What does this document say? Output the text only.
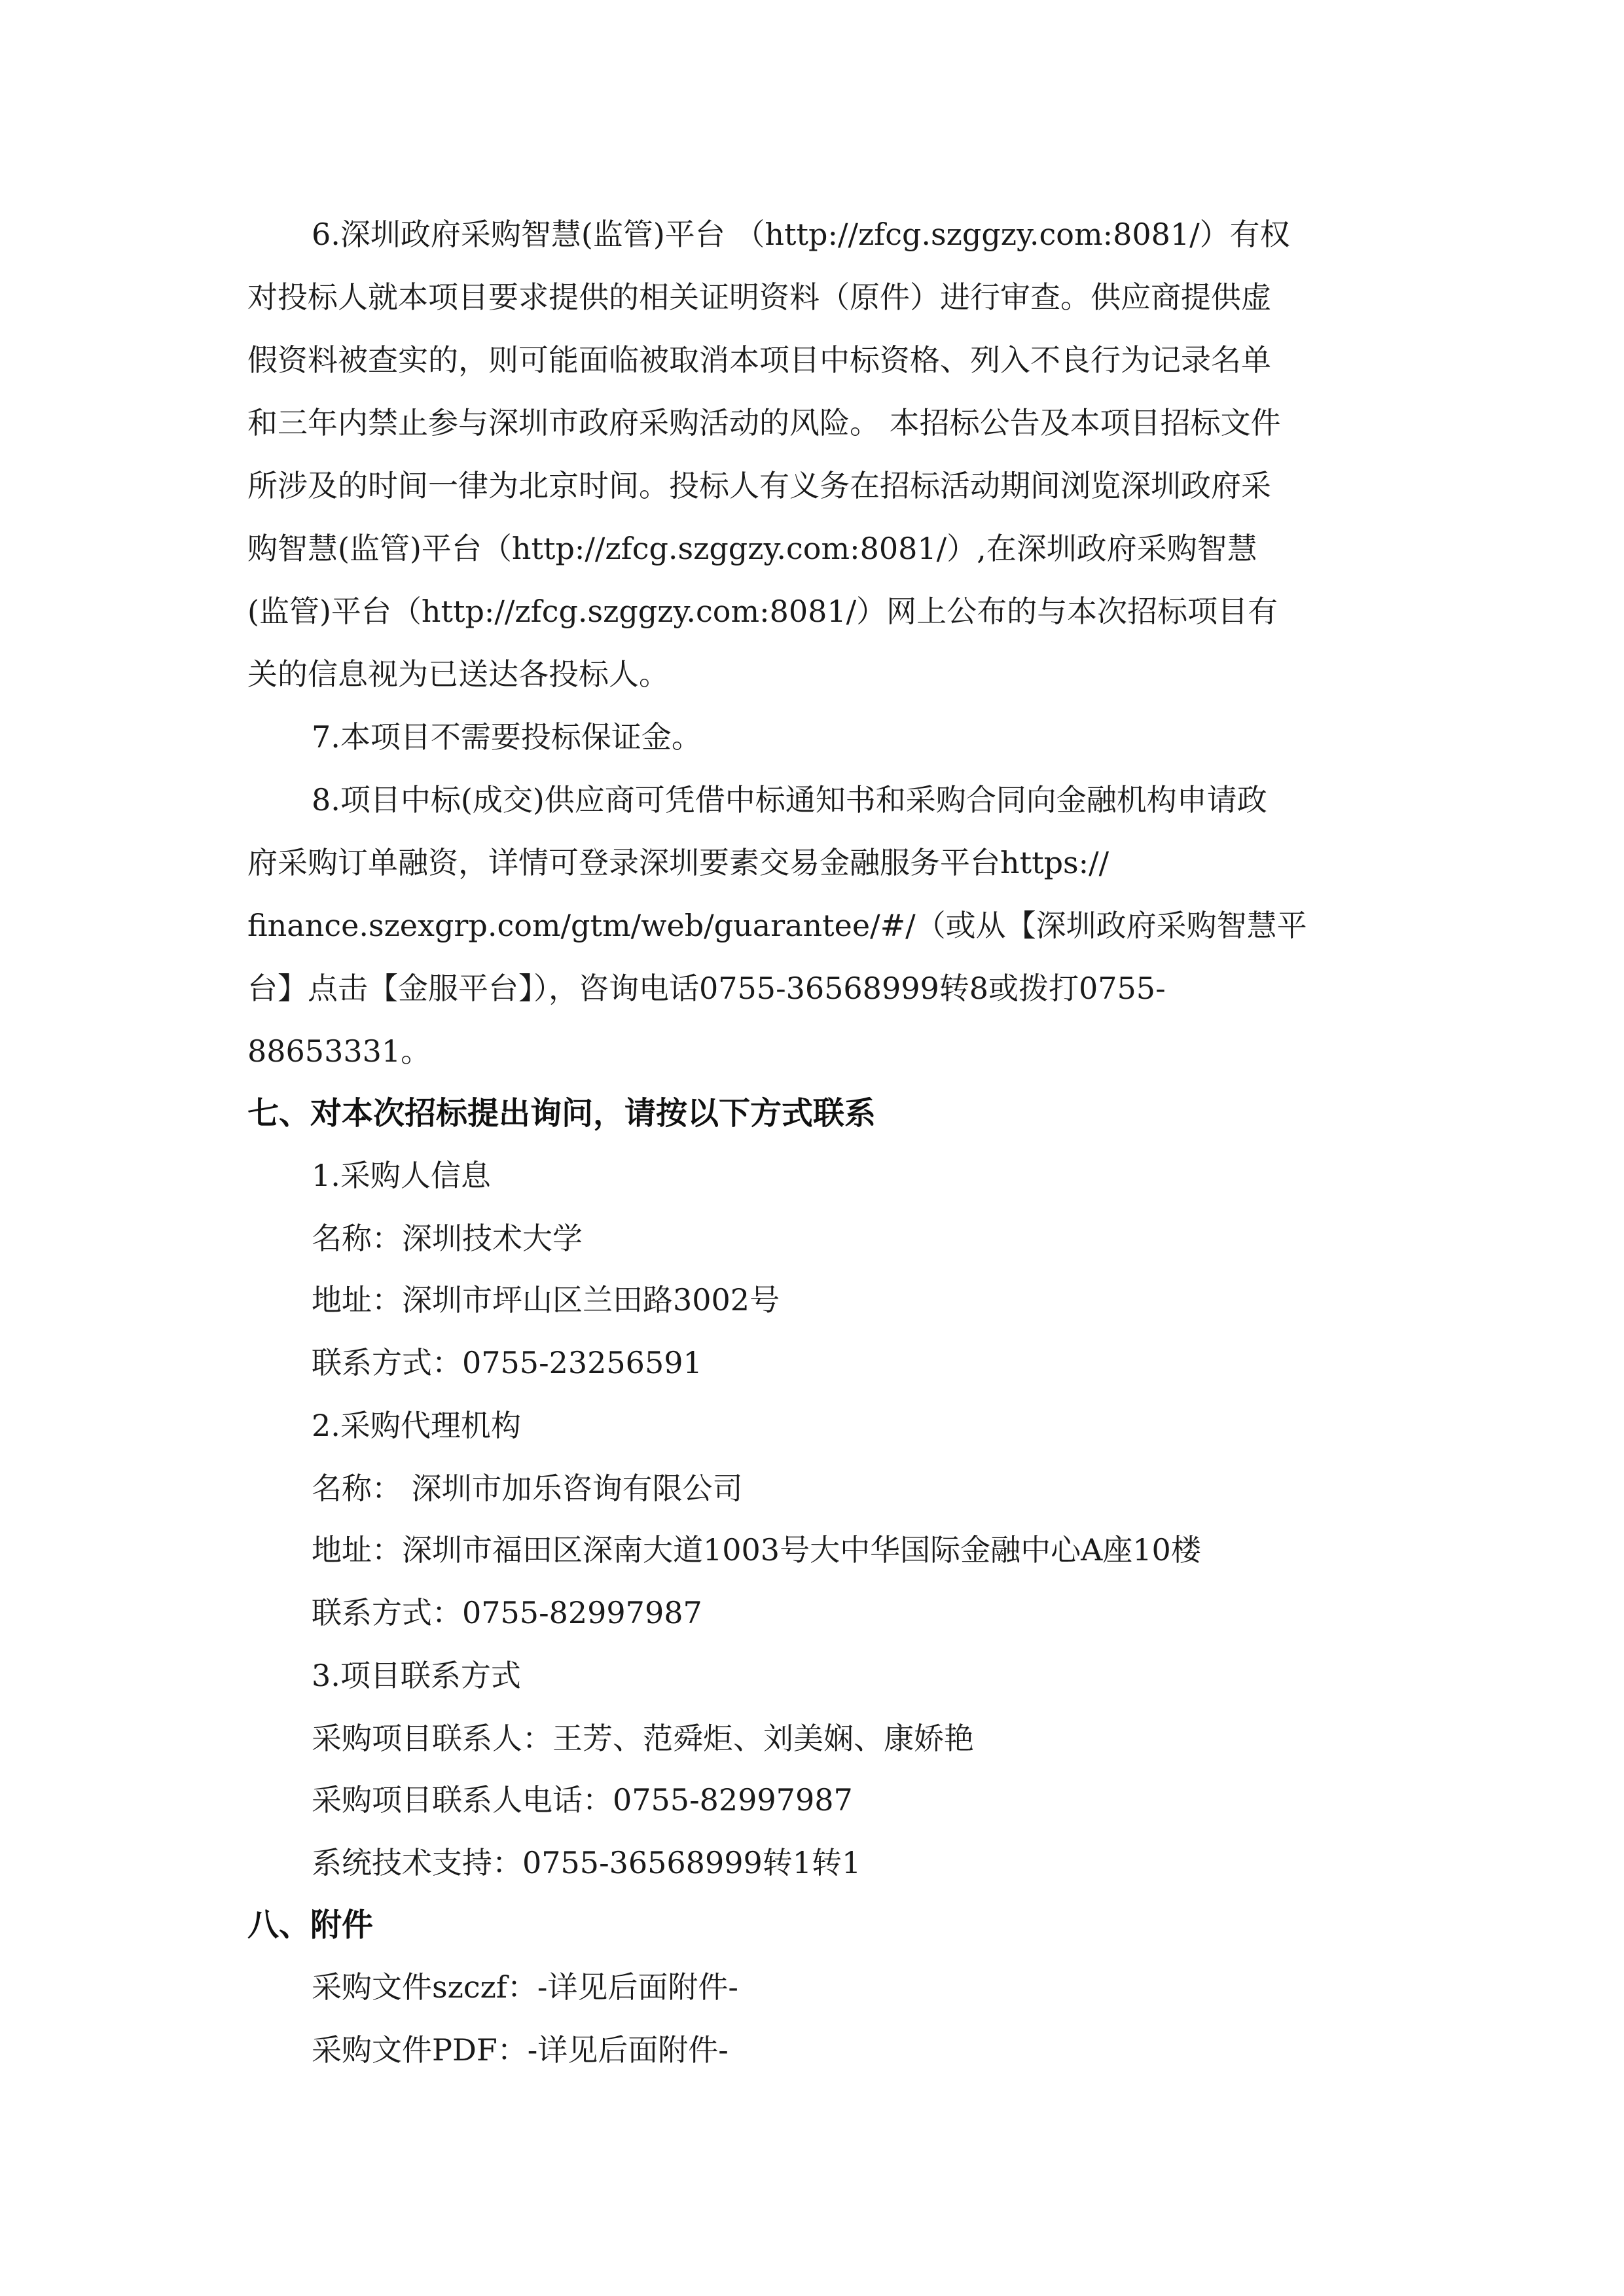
6.深圳政府采购智慧(监管)平台 （http://zfcg.szggzy.com:8081/）有权
对投标人就本项目要求提供的相关证明资料（原件）进行审查。供应商提供虚
假资料被查实的，则可能面临被取消本项目中标资格、列入不良行为记录名单
和三年内禁止参与深圳市政府采购活动的风险。 本招标公告及本项目招标文件
所涉及的时间一律为北京时间。投标人有义务在招标活动期间浏览深圳政府采
购智慧(监管)平台（http://zfcg.szggzy.com:8081/）,在深圳政府采购智慧
(监管)平台（http://zfcg.szggzy.com:8081/）网上公布的与本次招标项目有
关的信息视为已送达各投标人。
7.本项目不需要投标保证金。
8.项目中标(成交)供应商可凭借中标通知书和采购合同向金融机构申请政
府采购订单融资，详情可登录深圳要素交易金融服务平台https://
finance.szexgrp.com/gtm/web/guarantee/#/（或从【深圳政府采购智慧平
台】点击【金服平台】），咨询电话0755-36568999转8或拨打0755-
88653331。
七、对本次招标提出询问，请按以下方式联系
1.采购人信息
名称：深圳技术大学
地址：深圳市坪山区兰田路3002号
联系方式：0755-23256591
2.采购代理机构
名称： 深圳市加乐咨询有限公司
地址：深圳市福田区深南大道1003号大中华国际金融中心A座10楼
联系方式：0755-82997987
3.项目联系方式
采购项目联系人：王芳、范舜炬、刘美娴、康娇艳
采购项目联系人电话：0755-82997987
系统技术支持：0755-36568999转1转1
八、附件
采购文件szczf：-详见后面附件-
采购文件PDF：-详见后面附件-
